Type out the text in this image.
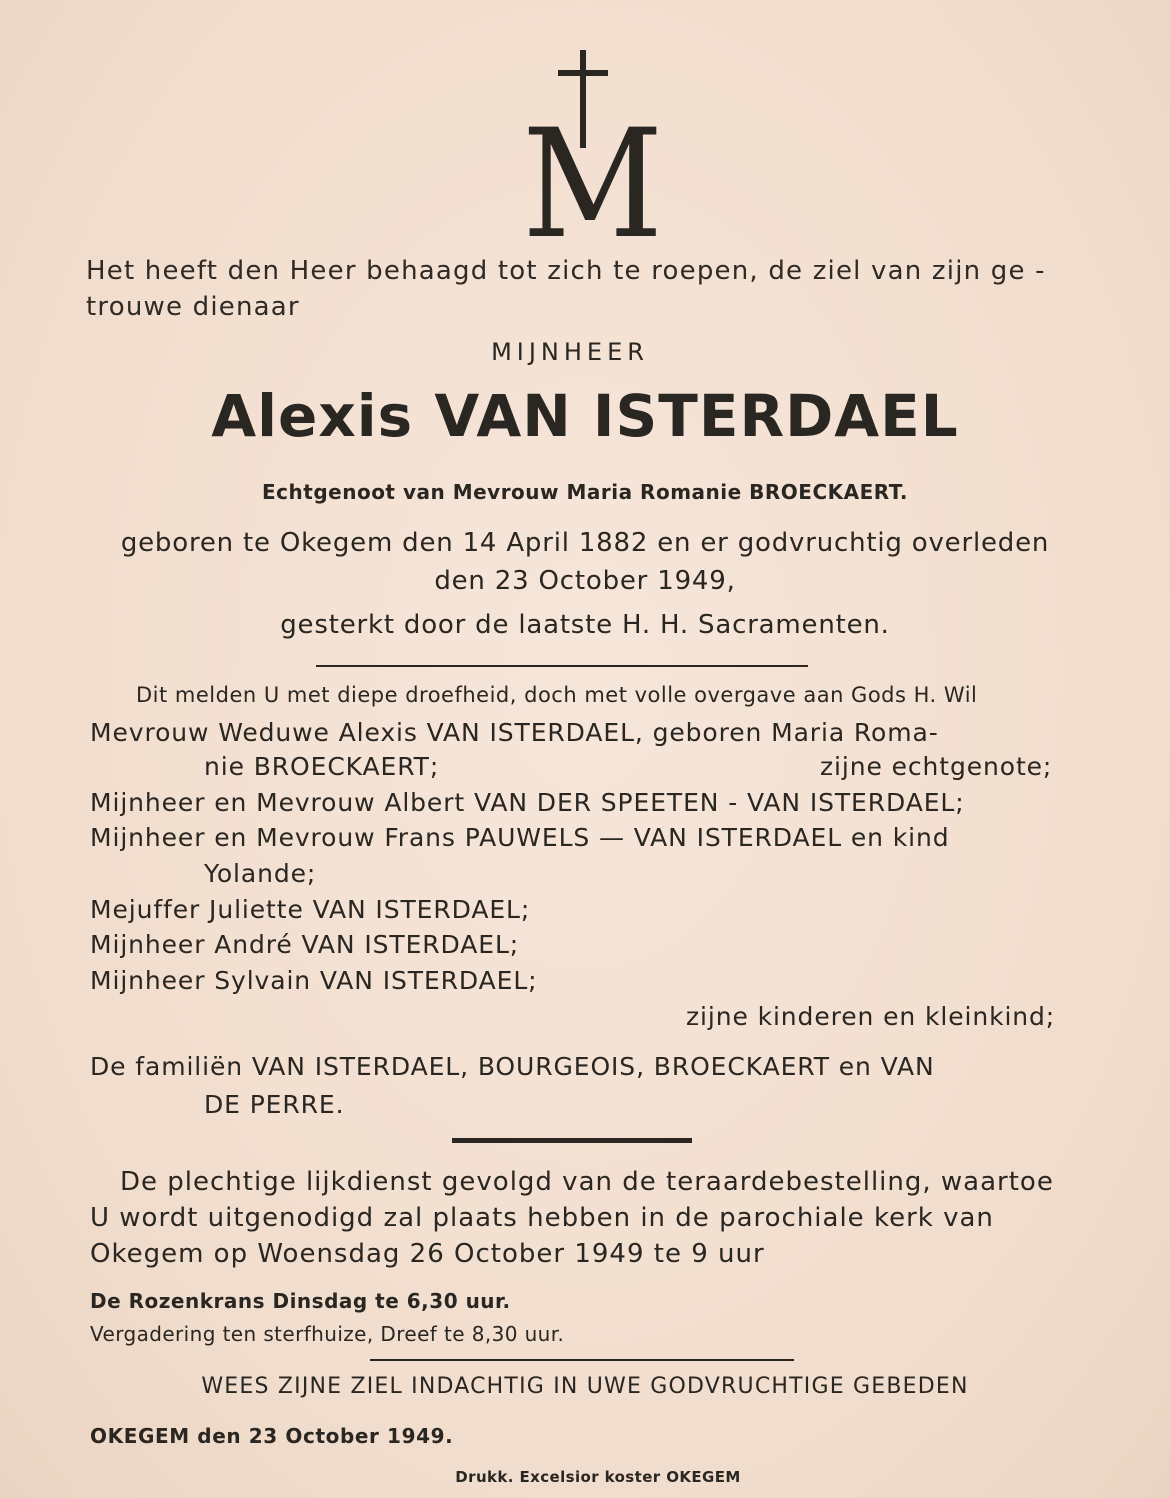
M
Het heeft den Heer behaagd tot zich te roepen, de ziel van zijn ge -
trouwe dienaar
MIJNHEER
Alexis VAN ISTERDAEL
Echtgenoot van Mevrouw Maria Romanie BROECKAERT.
geboren te Okegem den 14 April 1882 en er godvruchtig overleden
den 23 October 1949,
gesterkt door de laatste H. H. Sacramenten.
Dit melden U met diepe droefheid, doch met volle overgave aan Gods H. Wil
Mevrouw Weduwe Alexis VAN ISTERDAEL, geboren Maria Roma-
nie BROECKAERT;	zijne echtgenote;
Mijnheer en Mevrouw Albert VAN DER SPEETEN - VAN ISTERDAEL;
Mijnheer en Mevrouw Frans PAUWELS — VAN ISTERDAEL en kind
Yolande;
Mejuffer Juliette VAN ISTERDAEL;
Mijnheer André VAN ISTERDAEL;
Mijnheer Sylvain VAN ISTERDAEL;
zijne kinderen en kleinkind;
De familiën VAN ISTERDAEL, BOURGEOIS, BROECKAERT en VAN
DE PERRE.
De plechtige lijkdienst gevolgd van de teraardebestelling, waartoe
U wordt uitgenodigd zal plaats hebben in de parochiale kerk van
Okegem op Woensdag 26 October 1949 te 9 uur
De Rozenkrans Dinsdag te 6,30 uur.
Vergadering ten sterfhuize, Dreef te 8,30 uur.
WEES ZIJNE ZIEL INDACHTIG IN UWE GODVRUCHTIGE GEBEDEN
OKEGEM den 23 October 1949.
Drukk. Excelsior koster OKEGEM
